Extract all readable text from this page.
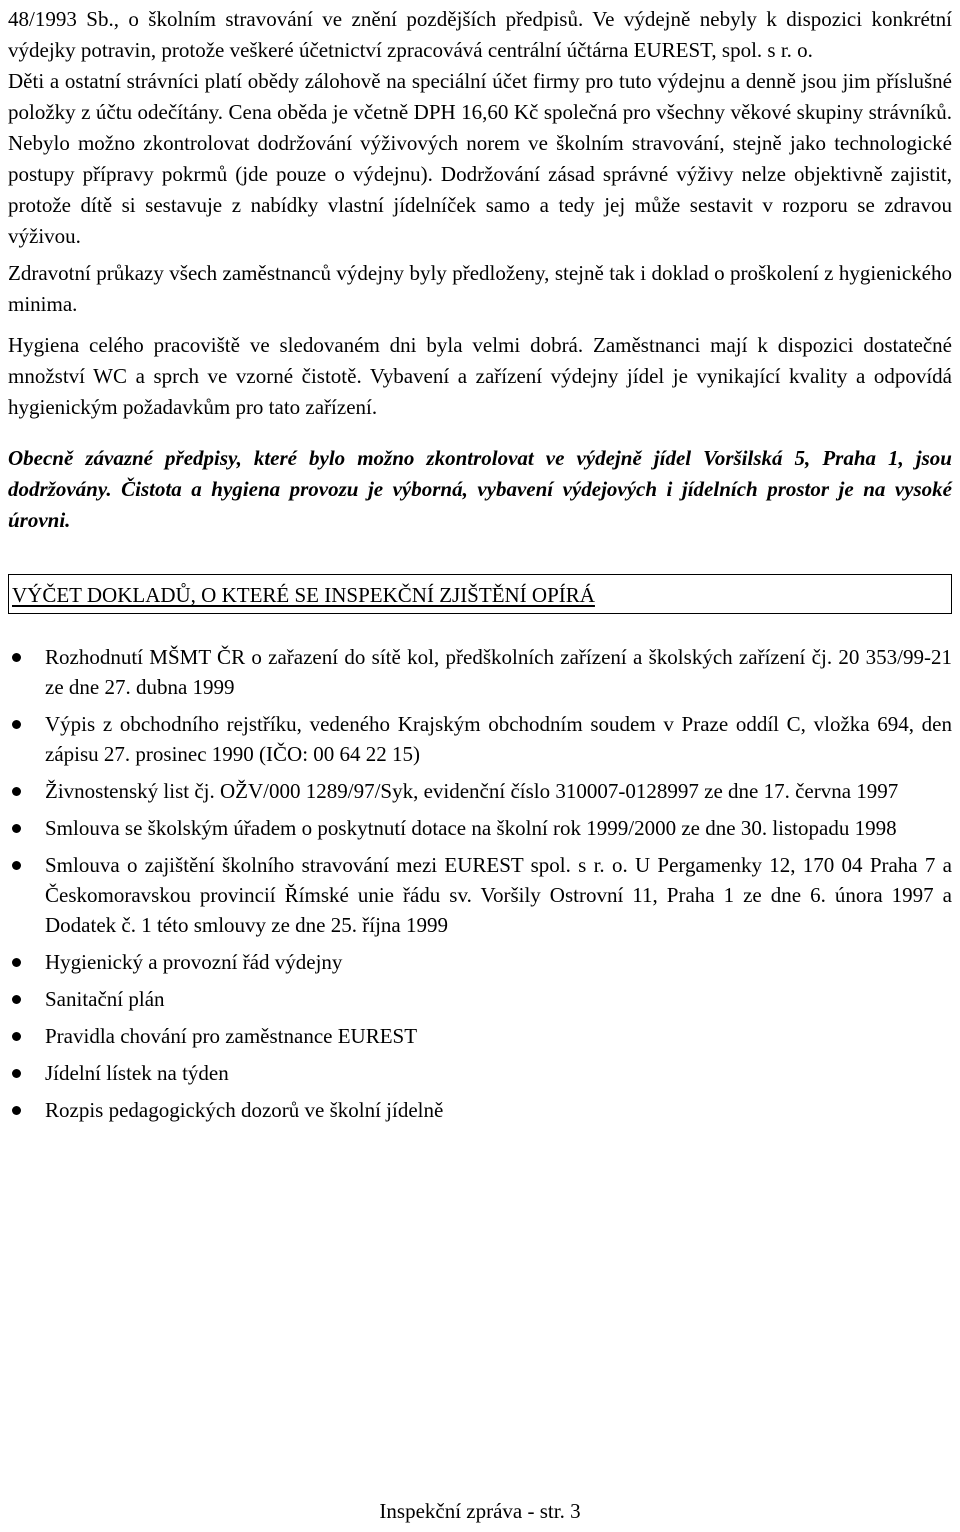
48/1993 Sb., o školním stravování ve znění pozdějších předpisů. Ve výdejně nebyly k dispozici konkrétní výdejky potravin, protože veškeré účetnictví zpracovává centrální účtárna EUREST, spol. s r. o.

Děti a ostatní strávníci platí obědy zálohově na speciální účet firmy pro tuto výdejnu a denně jsou jim příslušné položky z účtu odečítány. Cena oběda je včetně DPH 16,60 Kč společná pro všechny věkové skupiny strávníků. Nebylo možno zkontrolovat dodržování výživových norem ve školním stravování, stejně jako technologické postupy přípravy pokrmů (jde pouze o výdejnu). Dodržování zásad správné výživy nelze objektivně zajistit, protože dítě si sestavuje z nabídky vlastní jídelníček samo a tedy jej může sestavit v rozporu se zdravou výživou.

Zdravotní průkazy všech zaměstnanců výdejny byly předloženy, stejně tak i doklad o proškolení z hygienického minima.

Hygiena celého pracoviště ve sledovaném dni byla velmi dobrá. Zaměstnanci mají k dispozici dostatečné množství WC a sprch ve vzorné čistotě. Vybavení a zařízení výdejny jídel je vynikající kvality a odpovídá hygienickým požadavkům pro tato zařízení.

Obecně závazné předpisy, které bylo možno zkontrolovat ve výdejně jídel Voršilská 5, Praha 1, jsou dodržovány. Čistota a hygiena provozu je výborná, vybavení výdejových i jídelních prostor je na vysoké úrovni.

VÝČET DOKLADŮ, O KTERÉ SE INSPEKČNÍ ZJIŠTĚNÍ OPÍRÁ
Rozhodnutí MŠMT ČR o zařazení do sítě kol, předškolních zařízení a školských zařízení čj. 20 353/99-21 ze dne 27. dubna 1999
Výpis z obchodního rejstříku, vedeného Krajským obchodním soudem v Praze oddíl C, vložka 694, den zápisu 27. prosinec 1990 (IČO: 00 64 22 15)
Živnostenský list čj. OŽV/000 1289/97/Syk, evidenční číslo 310007-0128997 ze dne 17. června 1997
Smlouva se školským úřadem o poskytnutí dotace na školní rok 1999/2000 ze dne 30. listopadu 1998
Smlouva o zajištění školního stravování mezi EUREST spol. s r. o. U Pergamenky 12, 170 04 Praha 7 a Českomoravskou provincií Římské unie řádu sv. Voršily Ostrovní 11, Praha 1 ze dne 6. února 1997 a Dodatek č. 1 této smlouvy ze dne 25. října 1999
Hygienický a provozní řád výdejny
Sanitační plán
Pravidla chování pro zaměstnance EUREST
Jídelní lístek na týden
Rozpis pedagogických dozorů ve školní jídelně
Inspekční zpráva - str. 3
